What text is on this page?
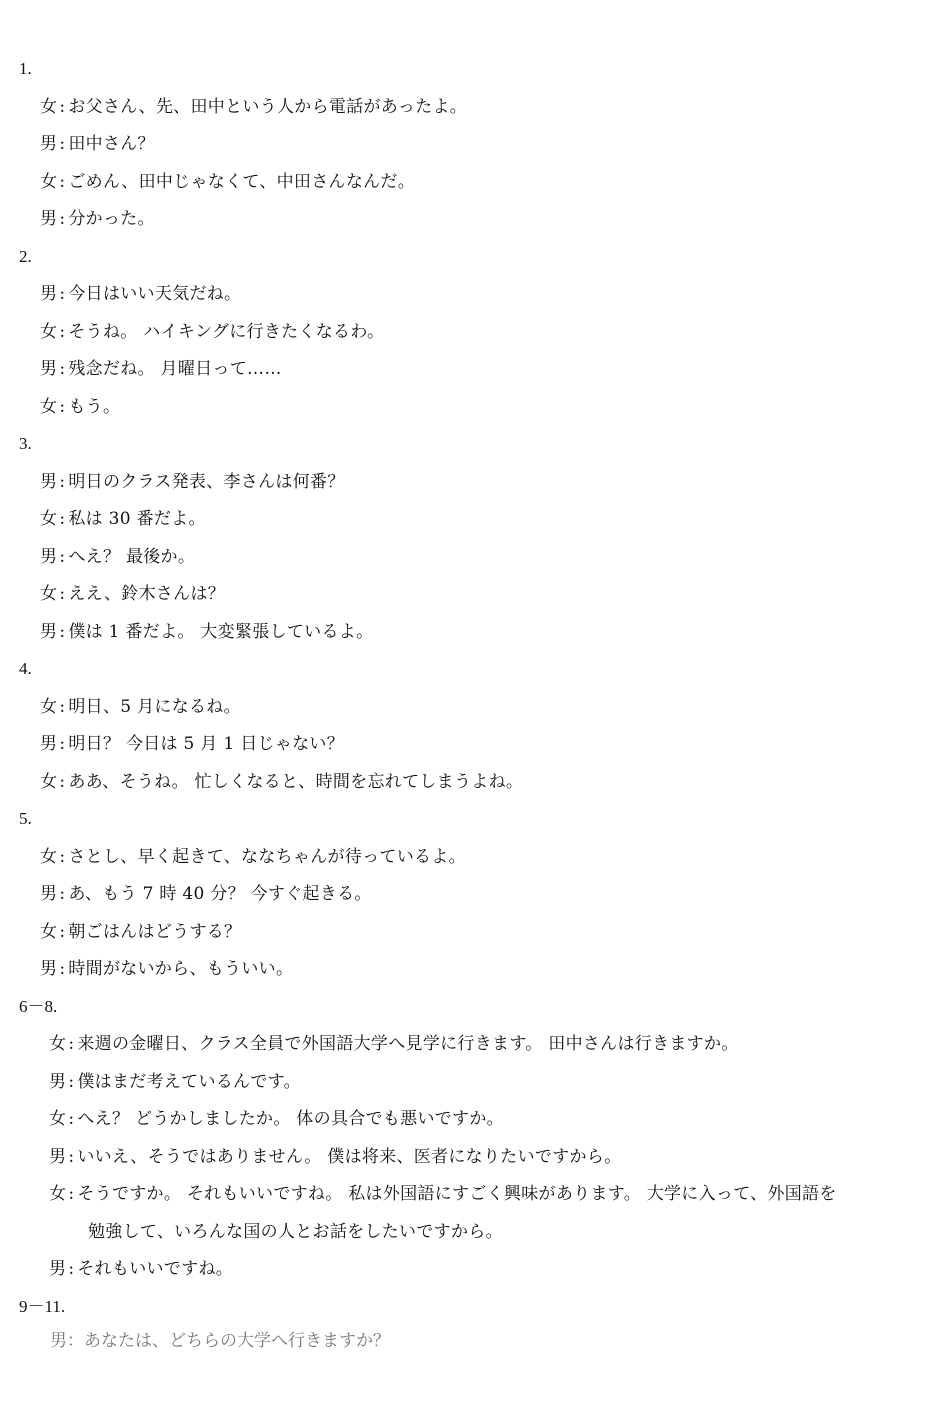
1.
女 : お父さん、先、田中という人から電話があったよ。
男 : 田中さん？
女 : ごめん、田中じゃなくて、中田さんなんだ。
男 : 分かった。
2.
男 : 今日はいい天気だね。
女 : そうね。 ハイキングに行きたくなるわ。
男 : 残念だね。 月曜日って……
女 : もう。
3.
男 : 明日のクラス発表、李さんは何番？
女 : 私は 30 番だよ。
男 : へえ？ 最後か。
女 : ええ、鈴木さんは？
男 : 僕は 1 番だよ。 大変緊張しているよ。
4.
女 : 明日、5 月になるね。
男 : 明日？ 今日は 5 月 1 日じゃない？
女 : ああ、そうね。 忙しくなると、時間を忘れてしまうよね。
5.
女 : さとし、早く起きて、ななちゃんが待っているよ。
男 : あ、もう 7 時 40 分？ 今すぐ起きる。
女 : 朝ごはんはどうする？
男 : 時間がないから、もういい。
6－8.
女 : 来週の金曜日、クラス全員で外国語大学へ見学に行きます。 田中さんは行きますか。
男 : 僕はまだ考えているんです。
女 : へえ？ どうかしましたか。 体の具合でも悪いですか。
男 : いいえ、そうではありません。 僕は将来、医者になりたいですから。
女 : そうですか。 それもいいですね。 私は外国語にすごく興味があります。 大学に入って、外国語を
勉強して、いろんな国の人とお話をしたいですから。
男 : それもいいですね。
9－11.
男：あなたは、どちらの大学へ行きますか？
